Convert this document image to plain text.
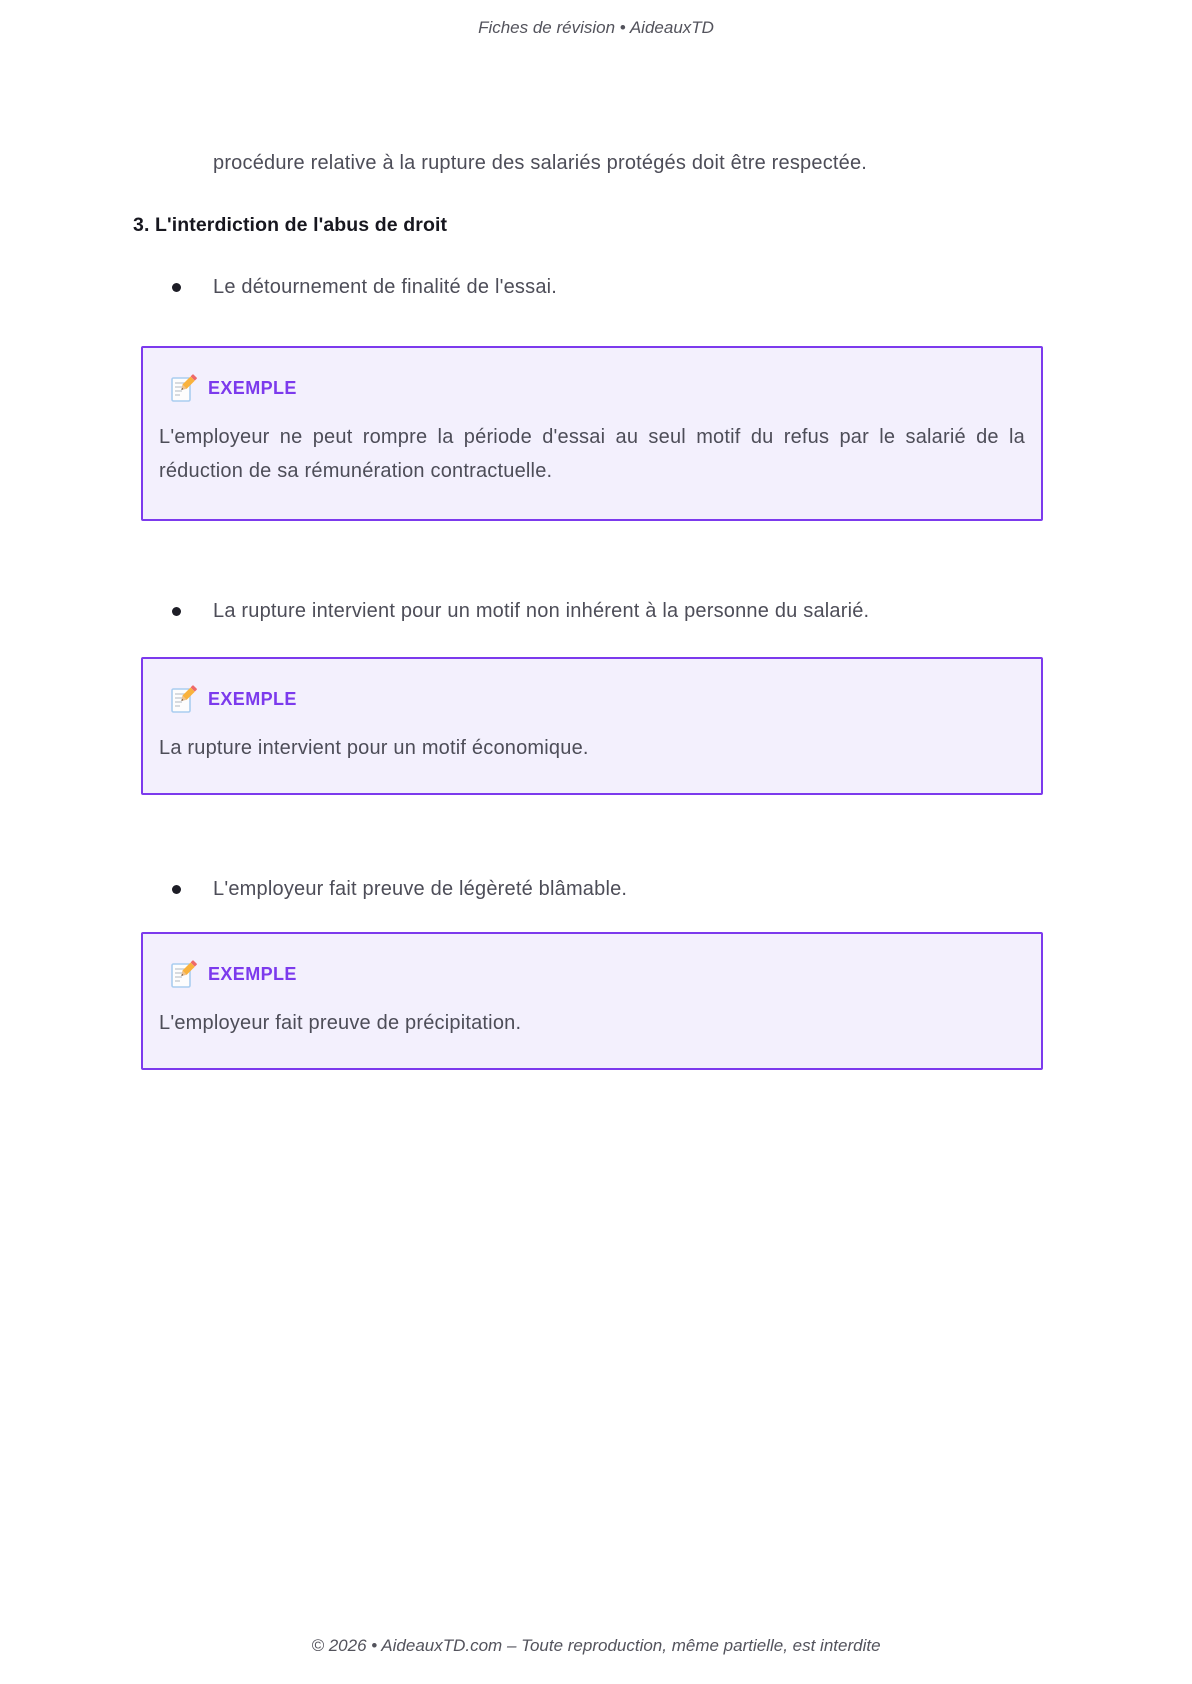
Fiches de révision • AideauxTD
procédure relative à la rupture des salariés protégés doit être respectée.
3. L'interdiction de l'abus de droit
Le détournement de finalité de l'essai.
EXEMPLE
L'employeur ne peut rompre la période d'essai au seul motif du refus par le salarié de la réduction de sa rémunération contractuelle.
La rupture intervient pour un motif non inhérent à la personne du salarié.
EXEMPLE
La rupture intervient pour un motif économique.
L'employeur fait preuve de légèreté blâmable.
EXEMPLE
L'employeur fait preuve de précipitation.
© 2026 • AideauxTD.com – Toute reproduction, même partielle, est interdite
